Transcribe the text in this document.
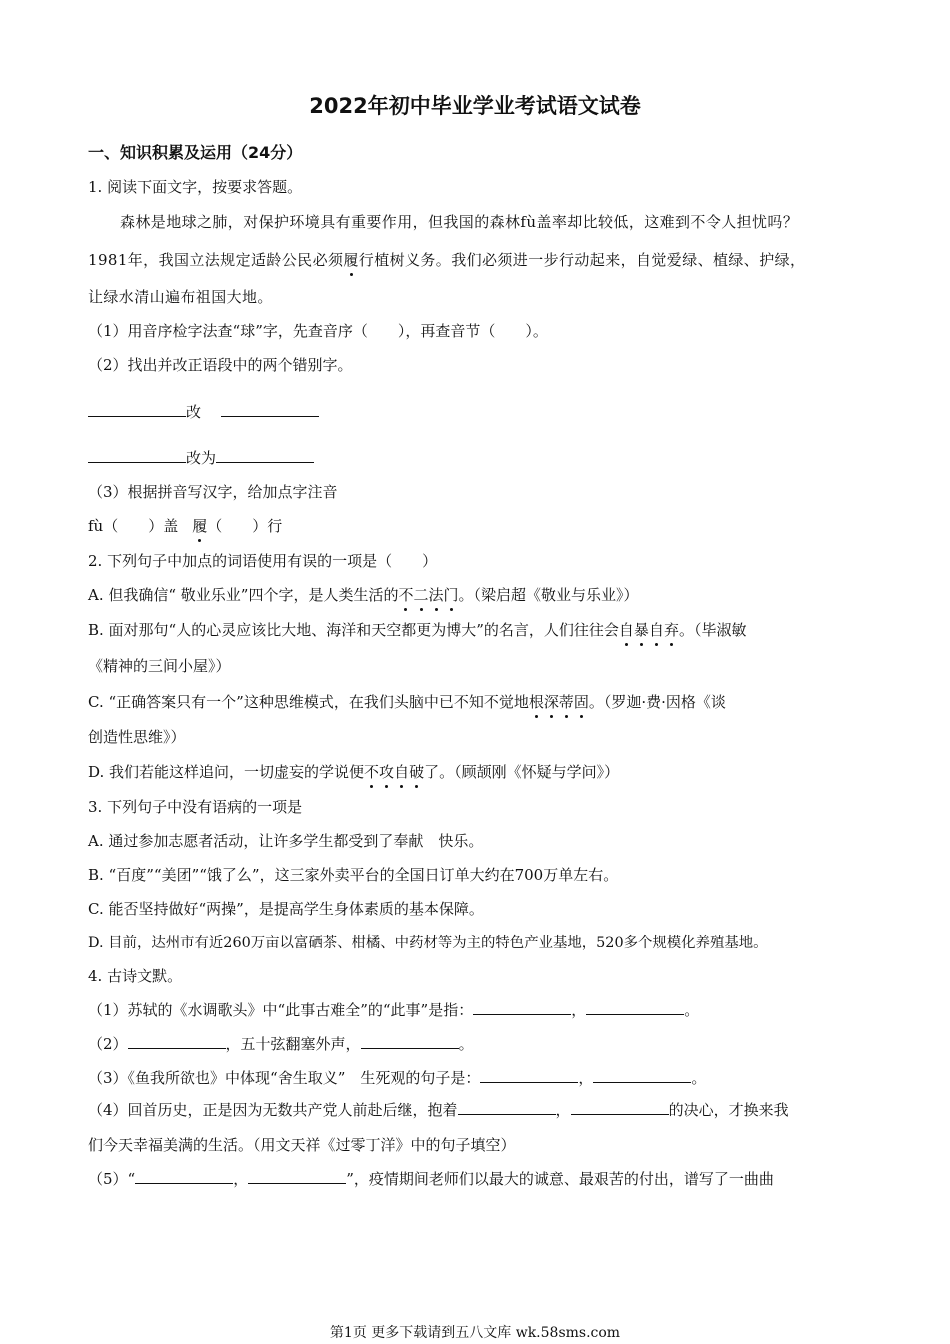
2022年初中毕业学业考试语文试卷
一、知识积累及运用（24分）
1. 阅读下面文字，按要求答题。
森林是地球之肺，对保护环境具有重要作用，但我国的森林fù盖率却比较低，这难到不令人担忧吗？
1981年，我国立法规定适龄公民必须履行植树义务。我们必须进一步行动起来，自觉爱绿、植绿、护绿，
让绿水清山遍布祖国大地。
（1）用音序检字法查“球”字，先查音序（　　），再查音节（　　）。
（2）找出并改正语段中的两个错别字。
改
改为
（3）根据拼音写汉字，给加点字注音
fù（　　）盖 履（　　）行
2. 下列句子中加点的词语使用有误的一项是（　　）
A. 但我确信“ 敬业乐业”四个字，是人类生活的不二法门。（梁启超《敬业与乐业》）
B. 面对那句“人的心灵应该比大地、海洋和天空都更为博大”的名言，人们往往会自暴自弃。（毕淑敏
《精神的三间小屋》）
C. “正确答案只有一个”这种思维模式，在我们头脑中已不知不觉地根深蒂固。（罗迦·费·因格《谈
创造性思维》）
D. 我们若能这样追问，一切虚妄的学说便不攻自破了。（顾颉刚《怀疑与学问》）
3. 下列句子中没有语病的一项是
A. 通过参加志愿者活动，让许多学生都受到了奉献　快乐。
B. “百度”“美团”“饿了么”，这三家外卖平台的全国日订单大约在700万单左右。
C. 能否坚持做好“两操”，是提高学生身体素质的基本保障。
D. 目前，达州市有近260万亩以富硒茶、柑橘、中药材等为主的特色产业基地，520多个规模化养殖基地。
4. 古诗文默。
（1）苏轼的《水调歌头》中“此事古难全”的“此事”是指：	，	。
（2）	，五十弦翻塞外声，	。
（3）《鱼我所欲也》中体现“舍生取义”　生死观的句子是：	，	。
（4）回首历史，正是因为无数共产党人前赴后继，抱着	，	的决心，才换来我
们今天幸福美满的生活。（用文天祥《过零丁洋》中的句子填空）
（5）“	，	”，疫情期间老师们以最大的诚意、最艰苦的付出，谱写了一曲曲
第1页 更多下载请到五八文库 wk.58sms.com
